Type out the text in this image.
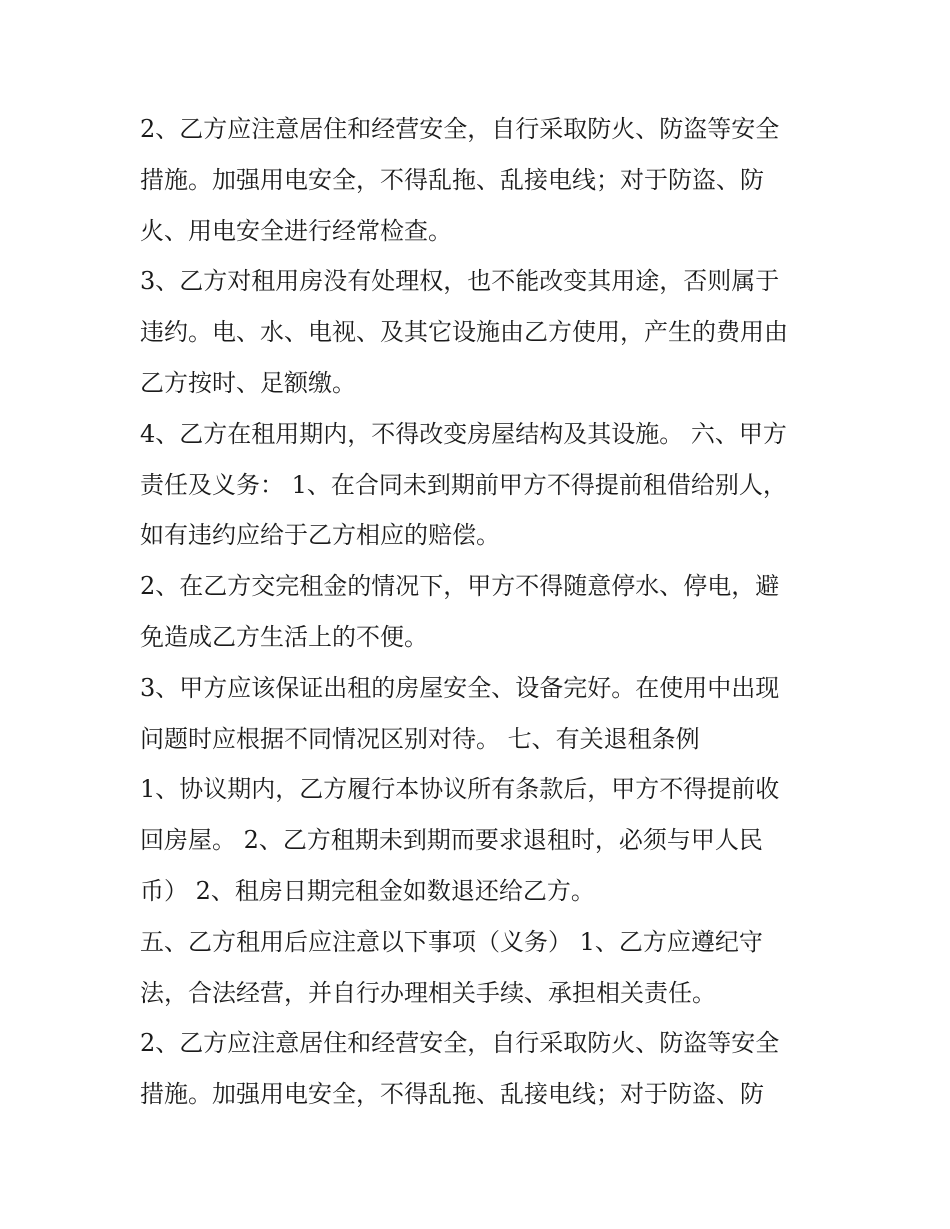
2、乙方应注意居住和经营安全，自行采取防火、防盗等安全
措施。加强用电安全，不得乱拖、乱接电线；对于防盗、防
火、用电安全进行经常检查。
3、乙方对租用房没有处理权，也不能改变其用途，否则属于
违约。电、水、电视、及其它设施由乙方使用，产生的费用由
乙方按时、足额缴。
4、乙方在租用期内，不得改变房屋结构及其设施。 六、甲方
责任及义务： 1、在合同未到期前甲方不得提前租借给别人，
如有违约应给于乙方相应的赔偿。
2、在乙方交完租金的情况下，甲方不得随意停水、停电，避
免造成乙方生活上的不便。
3、甲方应该保证出租的房屋安全、设备完好。在使用中出现
问题时应根据不同情况区别对待。 七、有关退租条例
1、协议期内，乙方履行本协议所有条款后，甲方不得提前收
回房屋。 2、乙方租期未到期而要求退租时，必须与甲人民
币） 2、租房日期完租金如数退还给乙方。
五、乙方租用后应注意以下事项（义务） 1、乙方应遵纪守
法，合法经营，并自行办理相关手续、承担相关责任。
2、乙方应注意居住和经营安全，自行采取防火、防盗等安全
措施。加强用电安全，不得乱拖、乱接电线；对于防盗、防
